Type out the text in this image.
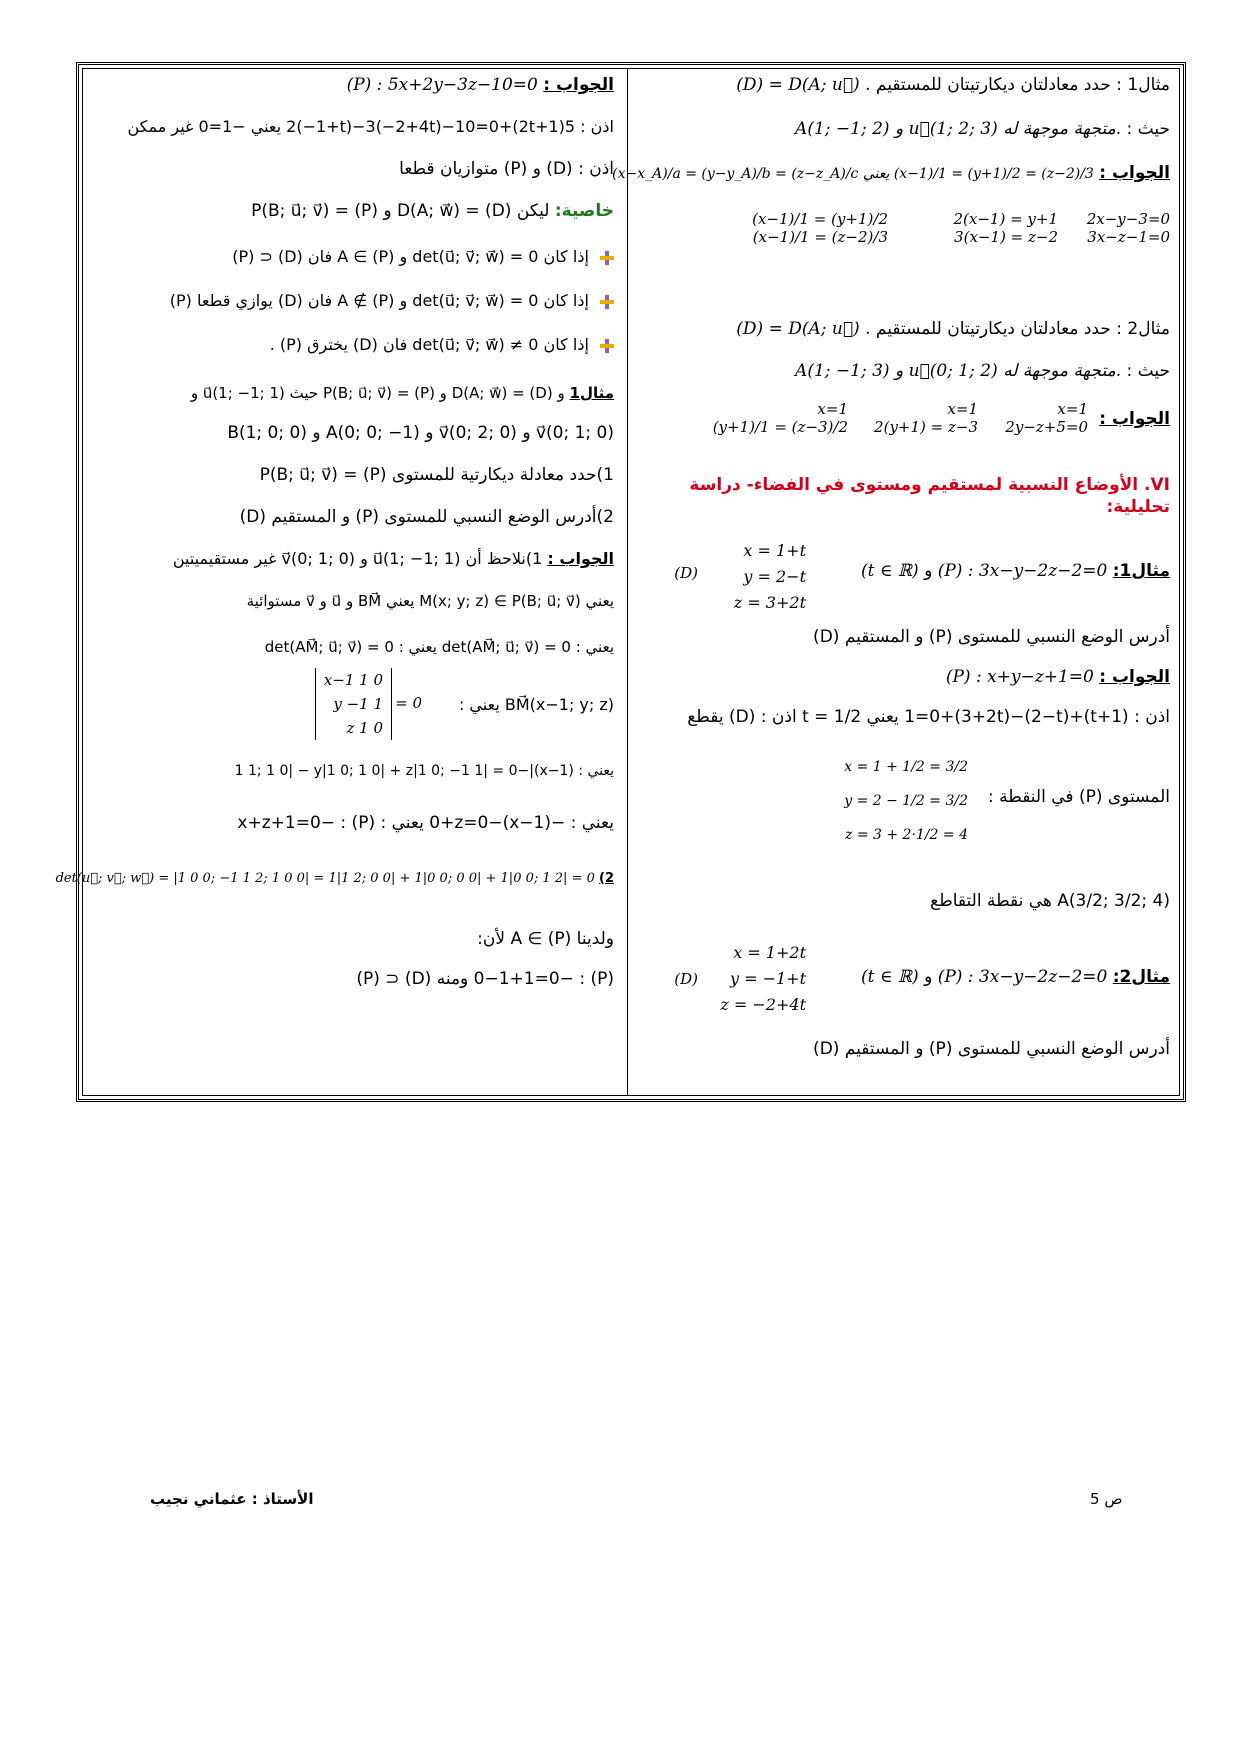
مثال1 : حدد معادلتان ديكارتيتان للمستقيم (D) = D(A; u⃗) .
حيث : A(1; −1; 2) و u⃗(1; 2; 3) متجهة موجهة له.
الجواب : (x−x_A)/a = (y−y_A)/b = (z−z_A)/c يعني (x−1)/1 = (y+1)/2 = (z−2)/3
(x−1)/1 = (y+1)/2
(x−1)/1 = (z−2)/3
2(x−1) = y+1
3(x−1) = z−2
2x−y−3=0
3x−z−1=0
مثال2 : حدد معادلتان ديكارتيتان للمستقيم (D) = D(A; u⃗) .
حيث : A(1; −1; 3) و u⃗(0; 1; 2) متجهة موجهة له.
الجواب :
x=1
(y+1)/1 = (z−3)/2
x=1
2(y+1) = z−3
x=1
2y−z+5=0
VI. الأوضاع النسبية لمستقيم ومستوى في الفضاء- دراسة تحليلية:
مثال1: (P) : 3x−y−2z−2=0 و (t ∈ ℝ)
x = 1+t
y = 2−t
z = 3+2t
(D)
أدرس الوضع النسبي للمستوى (P) و المستقيم (D)
الجواب : (P) : x+y−z+1=0
اذن : (1+t)+(2−t)−(3+2t)+1=0 يعني t = 1/2 اذن : (D) يقطع
المستوى (P) في النقطة :
x = 1 + 1/2 = 3/2
y = 2 − 1/2 = 3/2
z = 3 + 2·1/2 = 4
A(3/2; 3/2; 4) هي نقطة التقاطع
مثال2: (P) : 3x−y−2z−2=0 و (t ∈ ℝ)
x = 1+2t
y = −1+t
z = −2+4t
(D)
أدرس الوضع النسبي للمستوى (P) و المستقيم (D)
الجواب : (P) : 5x+2y−3z−10=0
اذن : 5(1+2t)+2(−1+t)−3(−2+4t)−10=0 يعني −1=0 غير ممكن
اذن : (D) و (P) متوازيان قطعا
خاصية: ليكن (D) = D(A; w⃗) و (P) = P(B; u⃗; v⃗)
إذا كان det(u⃗; v⃗; w⃗) = 0 و A ∈ (P) فان (D) ⊂ (P)
إذا كان det(u⃗; v⃗; w⃗) = 0 و A ∉ (P) فان (D) يوازي قطعا (P)
إذا كان det(u⃗; v⃗; w⃗) ≠ 0 فان (D) يخترق (P) .
مثال1 و (D) = D(A; w⃗) و (P) = P(B; u⃗; v⃗) حيث u⃗(1; −1; 1) و
v⃗(0; 1; 0) و v⃗(0; 2; 0) و A(0; 0; −1) و B(1; 0; 0)
1)حدد معادلة ديكارتية للمستوى (P) = P(B; u⃗; v⃗)
2)أدرس الوضع النسبي للمستوى (P) و المستقيم (D)
الجواب : 1)نلاحظ أن u⃗(1; −1; 1) و v⃗(0; 1; 0) غير مستقيميتين
يعني M(x; y; z) ∈ P(B; u⃗; v⃗) يعني BM⃗ و u⃗ و v⃗ مستوائية
يعني : det(AM⃗; u⃗; v⃗) = 0 يعني : det(AM⃗; u⃗; v⃗) = 0
BM⃗(x−1; y; z) يعني :
x−1 1 0
y −1 1
z 1 0
= 0
يعني : (x−1)|−1 1; 1 0| − y|1 0; 1 0| + z|1 0; −1 1| = 0
يعني : −(x−1)−0+z=0 يعني : (P) : −x+z+1=0
2) det(u⃗; v⃗; w⃗) = |1 0 0; −1 1 2; 1 0 0| = 1|1 2; 0 0| + 1|0 0; 0 0| + 1|0 0; 1 2| = 0
ولدينا A ∈ (P) لأن:
(P) : −0−1+1=0 ومنه (D) ⊂ (P)
ص 5
الأستاذ : عثماني نجيب
